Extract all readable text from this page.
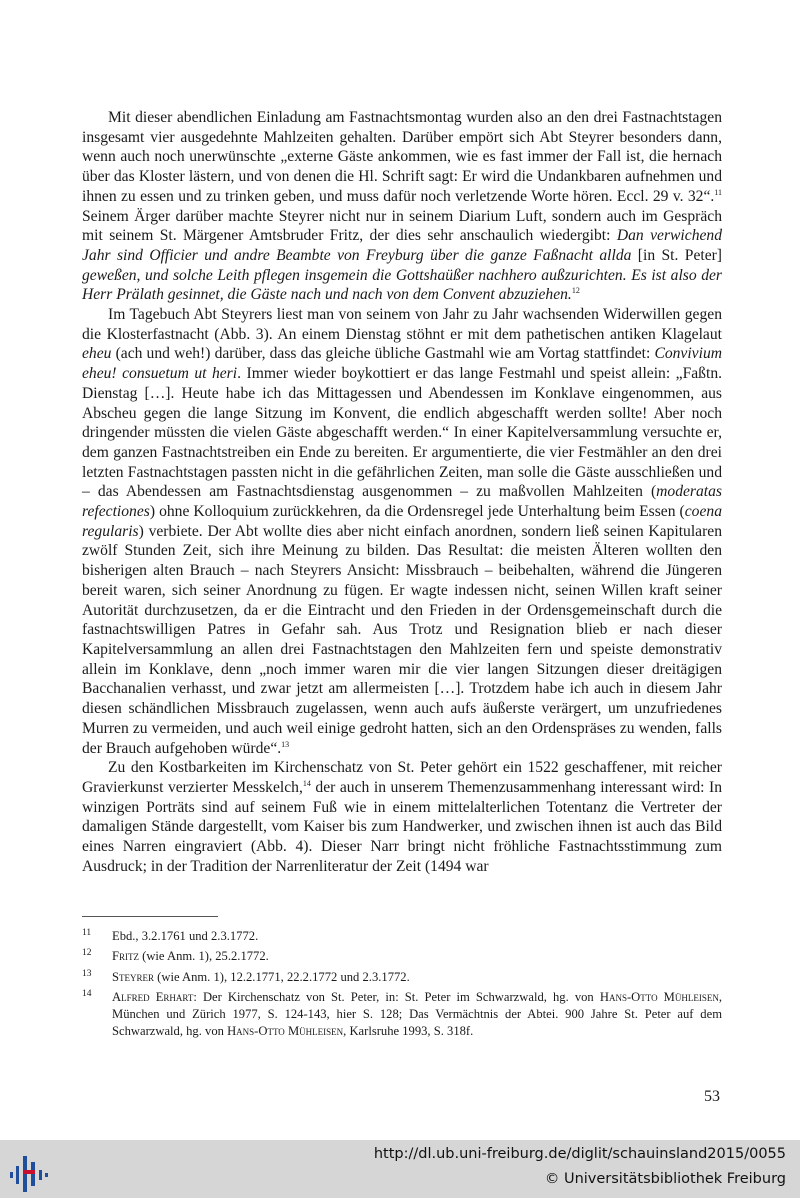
Mit dieser abendlichen Einladung am Fastnachtsmontag wurden also an den drei Fastnachtstagen insgesamt vier ausgedehnte Mahlzeiten gehalten. Darüber empört sich Abt Steyrer besonders dann, wenn auch noch unerwünschte „externe Gäste ankommen, wie es fast immer der Fall ist, die hernach über das Kloster lästern, und von denen die Hl. Schrift sagt: Er wird die Undankbaren aufnehmen und ihnen zu essen und zu trinken geben, und muss dafür noch verletzende Worte hören. Eccl. 29 v. 32“.$^{11}$ Seinem Ärger darüber machte Steyrer nicht nur in seinem Diarium Luft, sondern auch im Gespräch mit seinem St. Märgener Amtsbruder Fritz, der dies sehr anschaulich wiedergibt: Dan verwichend Jahr sind Officier und andre Beambte von Freyburg über die ganze Faßnacht allda [in St. Peter] geweßen, und solche Leith pflegen insgemein die Gottshaüßer nachhero außzurichten. Es ist also der Herr Prälath gesinnet, die Gäste nach und nach von dem Convent abzuziehen.$^{12}$

Im Tagebuch Abt Steyrers liest man von seinem von Jahr zu Jahr wachsenden Widerwillen gegen die Klosterfastnacht (Abb. 3). An einem Dienstag stöhnt er mit dem pathetischen antiken Klagelaut eheu (ach und weh!) darüber, dass das gleiche übliche Gastmahl wie am Vortag stattfindet: Convivium eheu! consuetum ut heri. Immer wieder boykottiert er das lange Festmahl und speist allein: „Faßtn. Dienstag […]. Heute habe ich das Mittagessen und Abendessen im Konklave eingenommen, aus Abscheu gegen die lange Sitzung im Konvent, die endlich abgeschafft werden sollte! Aber noch dringender müssten die vielen Gäste abgeschafft werden.“ In einer Kapitelversammlung versuchte er, dem ganzen Fastnachtstreiben ein Ende zu bereiten. Er argumentierte, die vier Festmähler an den drei letzten Fastnachtstagen passten nicht in die gefährlichen Zeiten, man solle die Gäste ausschließen und – das Abendessen am Fastnachtsdienstag ausgenommen – zu maßvollen Mahlzeiten (moderatas refectiones) ohne Kolloquium zurückkehren, da die Ordensregel jede Unterhaltung beim Essen (coena regularis) verbiete. Der Abt wollte dies aber nicht einfach anordnen, sondern ließ seinen Kapitularen zwölf Stunden Zeit, sich ihre Meinung zu bilden. Das Resultat: die meisten Älteren wollten den bisherigen alten Brauch – nach Steyrers Ansicht: Missbrauch – beibehalten, während die Jüngeren bereit waren, sich seiner Anordnung zu fügen. Er wagte indessen nicht, seinen Willen kraft seiner Autorität durchzusetzen, da er die Eintracht und den Frieden in der Ordensgemeinschaft durch die fastnachtswilligen Patres in Gefahr sah. Aus Trotz und Resignation blieb er nach dieser Kapitelversammlung an allen drei Fastnachtstagen den Mahlzeiten fern und speiste demonstrativ allein im Konklave, denn „noch immer waren mir die vier langen Sitzungen dieser dreitägigen Bacchanalien verhasst, und zwar jetzt am allermeisten […]. Trotzdem habe ich auch in diesem Jahr diesen schändlichen Missbrauch zugelassen, wenn auch aufs äußerste verärgert, um unzufriedenes Murren zu vermeiden, und auch weil einige gedroht hatten, sich an den Ordenspräses zu wenden, falls der Brauch aufgehoben würde“.$^{13}$

Zu den Kostbarkeiten im Kirchenschatz von St. Peter gehört ein 1522 geschaffener, mit reicher Gravierkunst verzierter Messkelch,$^{14}$ der auch in unserem Themenzusammenhang interessant wird: In winzigen Porträts sind auf seinem Fuß wie in einem mittelalterlichen Totentanz die Vertreter der damaligen Stände dargestellt, vom Kaiser bis zum Handwerker, und zwischen ihnen ist auch das Bild eines Narren eingraviert (Abb. 4). Dieser Narr bringt nicht fröhliche Fastnachtsstimmung zum Ausdruck; in der Tradition der Narrenliteratur der Zeit (1494 war

11	Ebd., 3.2.1761 und 2.3.1772.
12	Fritz (wie Anm. 1), 25.2.1772.
13	Steyrer (wie Anm. 1), 12.2.1771, 22.2.1772 und 2.3.1772.
14	Alfred Erhart: Der Kirchenschatz von St. Peter, in: St. Peter im Schwarzwald, hg. von Hans-Otto Mühleisen, München und Zürich 1977, S. 124-143, hier S. 128; Das Vermächtnis der Abtei. 900 Jahre St. Peter auf dem Schwarzwald, hg. von Hans-Otto Mühleisen, Karlsruhe 1993, S. 318f.
53
http://dl.ub.uni-freiburg.de/diglit/schauinsland2015/0055
© Universitätsbibliothek Freiburg
